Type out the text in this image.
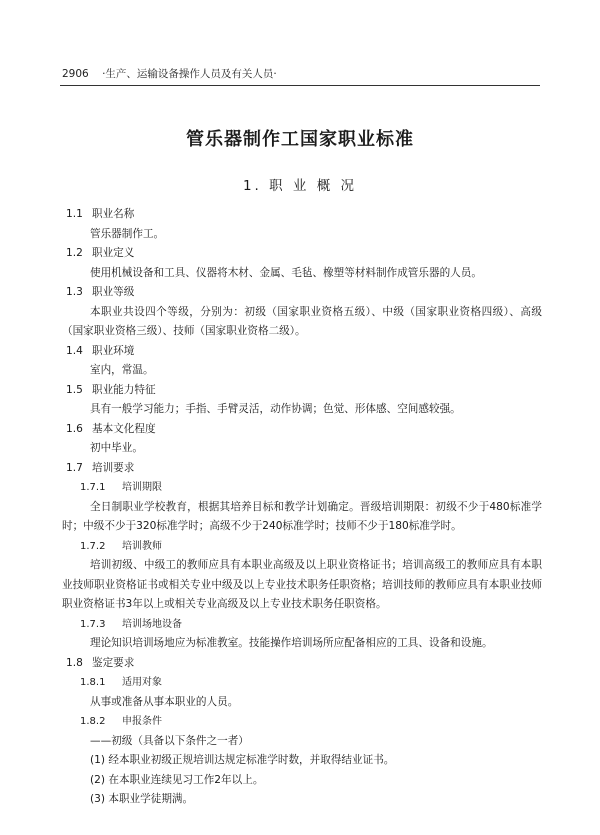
2906 ·生产、运输设备操作人员及有关人员·
管乐器制作工国家职业标准
1. 职 业 概 况

1.1 职业名称

管乐器制作工。

1.2 职业定义

使用机械设备和工具、仪器将木材、金属、毛毡、橡塑等材料制作成管乐器的人员。

1.3 职业等级

本职业共设四个等级，分别为：初级（国家职业资格五级）、中级（国家职业资格四级）、高级（国家职业资格三级）、技师（国家职业资格二级）。

1.4 职业环境

室内，常温。

1.5 职业能力特征

具有一般学习能力；手指、手臂灵活，动作协调；色觉、形体感、空间感较强。

1.6 基本文化程度

初中毕业。

1.7 培训要求

1.7.1 培训期限

全日制职业学校教育，根据其培养目标和教学计划确定。晋级培训期限：初级不少于480标准学时；中级不少于320标准学时；高级不少于240标准学时；技师不少于180标准学时。

1.7.2 培训教师

培训初级、中级工的教师应具有本职业高级及以上职业资格证书；培训高级工的教师应具有本职业技师职业资格证书或相关专业中级及以上专业技术职务任职资格；培训技师的教师应具有本职业技师职业资格证书3年以上或相关专业高级及以上专业技术职务任职资格。

1.7.3 培训场地设备

理论知识培训场地应为标准教室。技能操作培训场所应配备相应的工具、设备和设施。

1.8 鉴定要求

1.8.1 适用对象

从事或准备从事本职业的人员。

1.8.2 申报条件

——初级（具备以下条件之一者）

(1) 经本职业初级正规培训达规定标准学时数，并取得结业证书。

(2) 在本职业连续见习工作2年以上。

(3) 本职业学徒期满。
